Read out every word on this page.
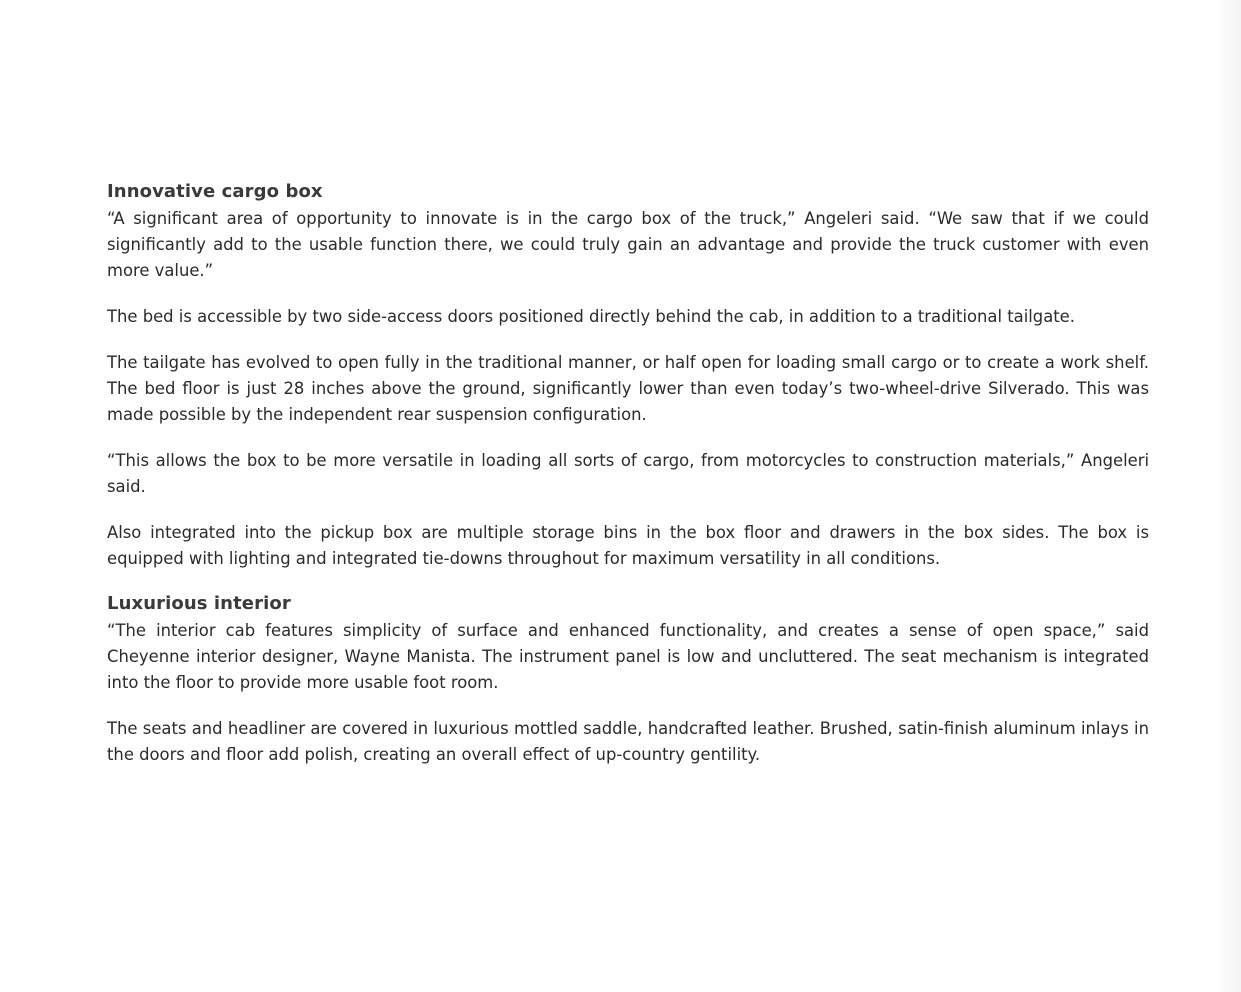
Innovative cargo box

“A significant area of opportunity to innovate is in the cargo box of the truck,” Angeleri said. “We saw that if we could significantly add to the usable function there, we could truly gain an advantage and provide the truck customer with even more value.”

The bed is accessible by two side-access doors positioned directly behind the cab, in addition to a traditional tailgate.

The tailgate has evolved to open fully in the traditional manner, or half open for loading small cargo or to create a work shelf. The bed floor is just 28 inches above the ground, significantly lower than even today’s two-wheel-drive Silverado. This was made possible by the independent rear suspension configuration.

“This allows the box to be more versatile in loading all sorts of cargo, from motorcycles to construction materials,” Angeleri said.

Also integrated into the pickup box are multiple storage bins in the box floor and drawers in the box sides. The box is equipped with lighting and integrated tie-downs throughout for maximum versatility in all conditions.

Luxurious interior

“The interior cab features simplicity of surface and enhanced functionality, and creates a sense of open space,” said Cheyenne interior designer, Wayne Manista. The instrument panel is low and uncluttered. The seat mechanism is integrated into the floor to provide more usable foot room.

The seats and headliner are covered in luxurious mottled saddle, handcrafted leather. Brushed, satin-finish aluminum inlays in the doors and floor add polish, creating an overall effect of up-country gentility.
